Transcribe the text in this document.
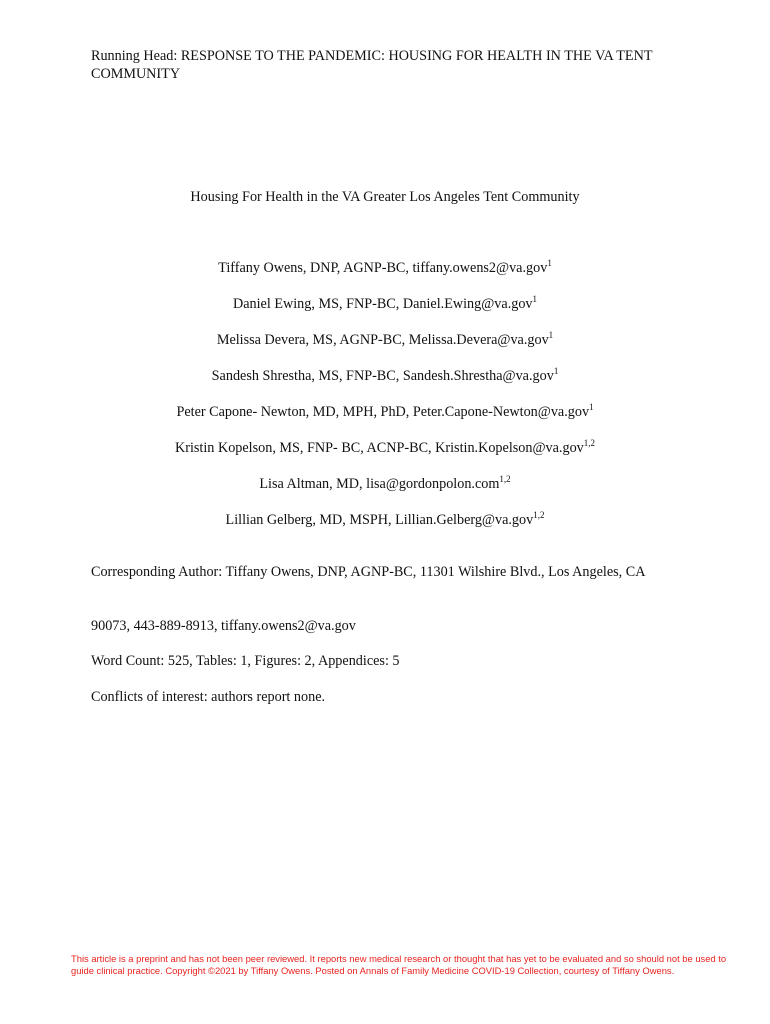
Running Head: RESPONSE TO THE PANDEMIC: HOUSING FOR HEALTH IN THE VA TENT COMMUNITY
Housing For Health in the VA Greater Los Angeles Tent Community
Tiffany Owens, DNP, AGNP-BC, tiffany.owens2@va.gov$^1$
Daniel Ewing, MS, FNP-BC, Daniel.Ewing@va.gov$^1$
Melissa Devera, MS, AGNP-BC, Melissa.Devera@va.gov$^1$
Sandesh Shrestha, MS, FNP-BC, Sandesh.Shrestha@va.gov$^1$
Peter Capone- Newton, MD, MPH, PhD, Peter.Capone-Newton@va.gov$^1$
Kristin Kopelson, MS, FNP- BC, ACNP-BC, Kristin.Kopelson@va.gov$^{1,2}$
Lisa Altman, MD, lisa@gordonpolon.com$^{1,2}$
Lillian Gelberg, MD, MSPH, Lillian.Gelberg@va.gov$^{1,2}$
Corresponding Author: Tiffany Owens, DNP, AGNP-BC, 11301 Wilshire Blvd., Los Angeles, CA
90073, 443-889-8913, tiffany.owens2@va.gov
Word Count: 525, Tables: 1, Figures: 2, Appendices: 5
Conflicts of interest: authors report none.
This article is a preprint and has not been peer reviewed. It reports new medical research or thought that has yet to be evaluated and so should not be used to guide clinical practice. Copyright ©2021 by Tiffany Owens. Posted on Annals of Family Medicine COVID-19 Collection, courtesy of Tiffany Owens.
